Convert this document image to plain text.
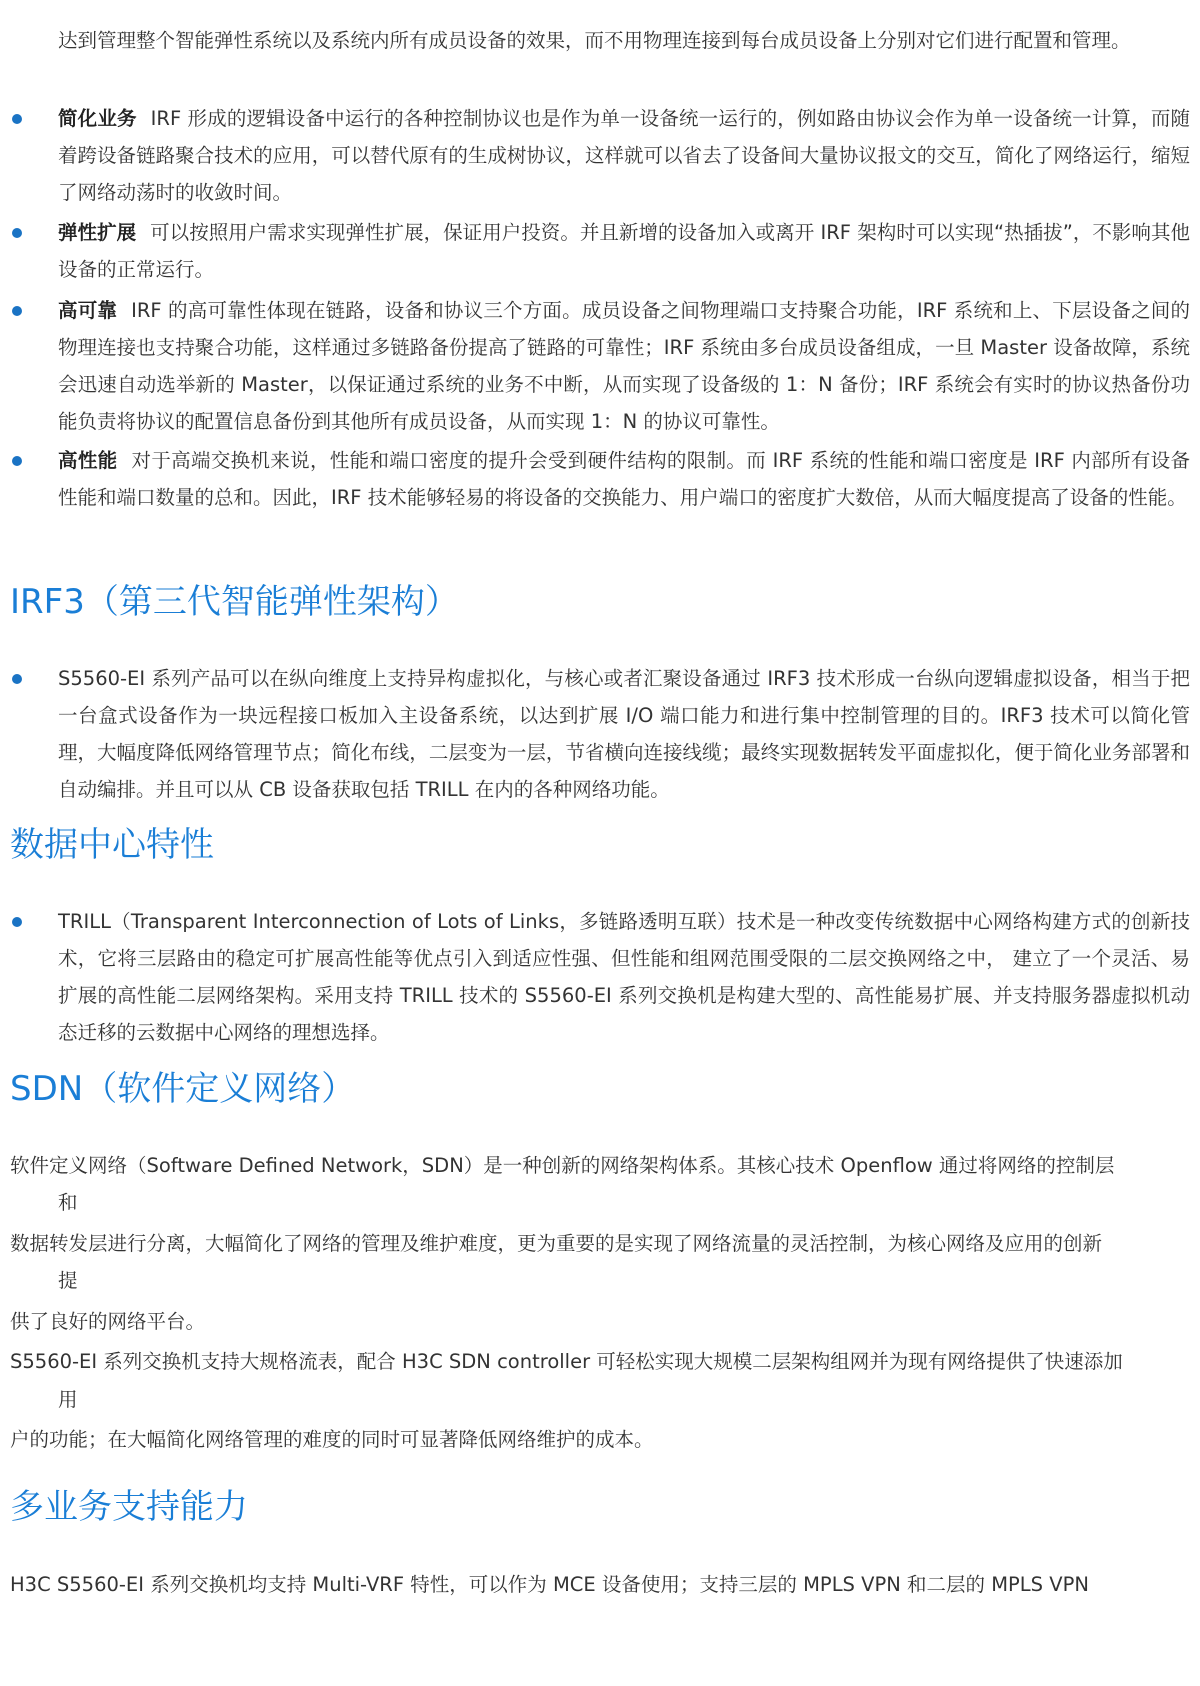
达到管理整个智能弹性系统以及系统内所有成员设备的效果，而不用物理连接到每台成员设备上分别对它们进行配置和管理。
简化业务 IRF 形成的逻辑设备中运行的各种控制协议也是作为单一设备统一运行的，例如路由协议会作为单一设备统一计算，而随着跨设备链路聚合技术的应用，可以替代原有的生成树协议，这样就可以省去了设备间大量协议报文的交互，简化了网络运行，缩短了网络动荡时的收敛时间。
弹性扩展 可以按照用户需求实现弹性扩展，保证用户投资。并且新增的设备加入或离开 IRF 架构时可以实现“热插拔”，不影响其他设备的正常运行。
高可靠 IRF 的高可靠性体现在链路，设备和协议三个方面。成员设备之间物理端口支持聚合功能，IRF 系统和上、下层设备之间的物理连接也支持聚合功能，这样通过多链路备份提高了链路的可靠性；IRF 系统由多台成员设备组成，一旦 Master 设备故障，系统会迅速自动选举新的 Master，以保证通过系统的业务不中断，从而实现了设备级的 1：N 备份；IRF 系统会有实时的协议热备份功能负责将协议的配置信息备份到其他所有成员设备，从而实现 1：N 的协议可靠性。
高性能 对于高端交换机来说，性能和端口密度的提升会受到硬件结构的限制。而 IRF 系统的性能和端口密度是 IRF 内部所有设备性能和端口数量的总和。因此，IRF 技术能够轻易的将设备的交换能力、用户端口的密度扩大数倍，从而大幅度提高了设备的性能。
IRF3（第三代智能弹性架构）
S5560-EI 系列产品可以在纵向维度上支持异构虚拟化，与核心或者汇聚设备通过 IRF3 技术形成一台纵向逻辑虚拟设备，相当于把一台盒式设备作为一块远程接口板加入主设备系统，以达到扩展 I/O 端口能力和进行集中控制管理的目的。IRF3 技术可以简化管理，大幅度降低网络管理节点；简化布线，二层变为一层，节省横向连接线缆；最终实现数据转发平面虚拟化，便于简化业务部署和自动编排。并且可以从 CB 设备获取包括 TRILL 在内的各种网络功能。
数据中心特性
TRILL（Transparent Interconnection of Lots of Links，多链路透明互联）技术是一种改变传统数据中心网络构建方式的创新技术，它将三层路由的稳定可扩展高性能等优点引入到适应性强、但性能和组网范围受限的二层交换网络之中， 建立了一个灵活、易扩展的高性能二层网络架构。采用支持 TRILL 技术的 S5560-EI 系列交换机是构建大型的、高性能易扩展、并支持服务器虚拟机动态迁移的云数据中心网络的理想选择。
SDN（软件定义网络）
软件定义网络（Software Defined Network，SDN）是一种创新的网络架构体系。其核心技术 Openflow 通过将网络的控制层
和
数据转发层进行分离，大幅简化了网络的管理及维护难度，更为重要的是实现了网络流量的灵活控制，为核心网络及应用的创新
提
供了良好的网络平台。
S5560-EI 系列交换机支持大规格流表，配合 H3C SDN controller 可轻松实现大规模二层架构组网并为现有网络提供了快速添加
用
户的功能；在大幅简化网络管理的难度的同时可显著降低网络维护的成本。
多业务支持能力
H3C S5560-EI 系列交换机均支持 Multi-VRF 特性，可以作为 MCE 设备使用；支持三层的 MPLS VPN 和二层的 MPLS VPN
